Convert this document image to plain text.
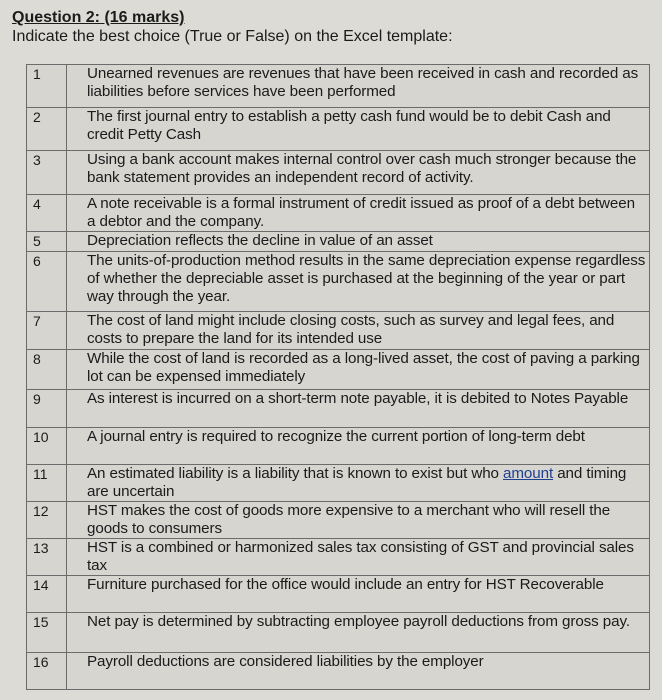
Question 2: (16 marks)
Indicate the best choice (True or False) on the Excel template:
1	Unearned revenues are revenues that have been received in cash and recorded as liabilities before services have been performed
2	The first journal entry to establish a petty cash fund would be to debit Cash and credit Petty Cash
3	Using a bank account makes internal control over cash much stronger because the bank statement provides an independent record of activity.
4	A note receivable is a formal instrument of credit issued as proof of a debt between a debtor and the company.
5	Depreciation reflects the decline in value of an asset
6	The units-of-production method results in the same depreciation expense regardless of whether the depreciable asset is purchased at the beginning of the year or part way through the year.
7	The cost of land might include closing costs, such as survey and legal fees, and costs to prepare the land for its intended use
8	While the cost of land is recorded as a long-lived asset, the cost of paving a parking lot can be expensed immediately
9	As interest is incurred on a short-term note payable, it is debited to Notes Payable
10	A journal entry is required to recognize the current portion of long-term debt
11	An estimated liability is a liability that is known to exist but who amount and timing are uncertain
12	HST makes the cost of goods more expensive to a merchant who will resell the goods to consumers
13	HST is a combined or harmonized sales tax consisting of GST and provincial sales tax
14	Furniture purchased for the office would include an entry for HST Recoverable
15	Net pay is determined by subtracting employee payroll deductions from gross pay.
16	Payroll deductions are considered liabilities by the employer
